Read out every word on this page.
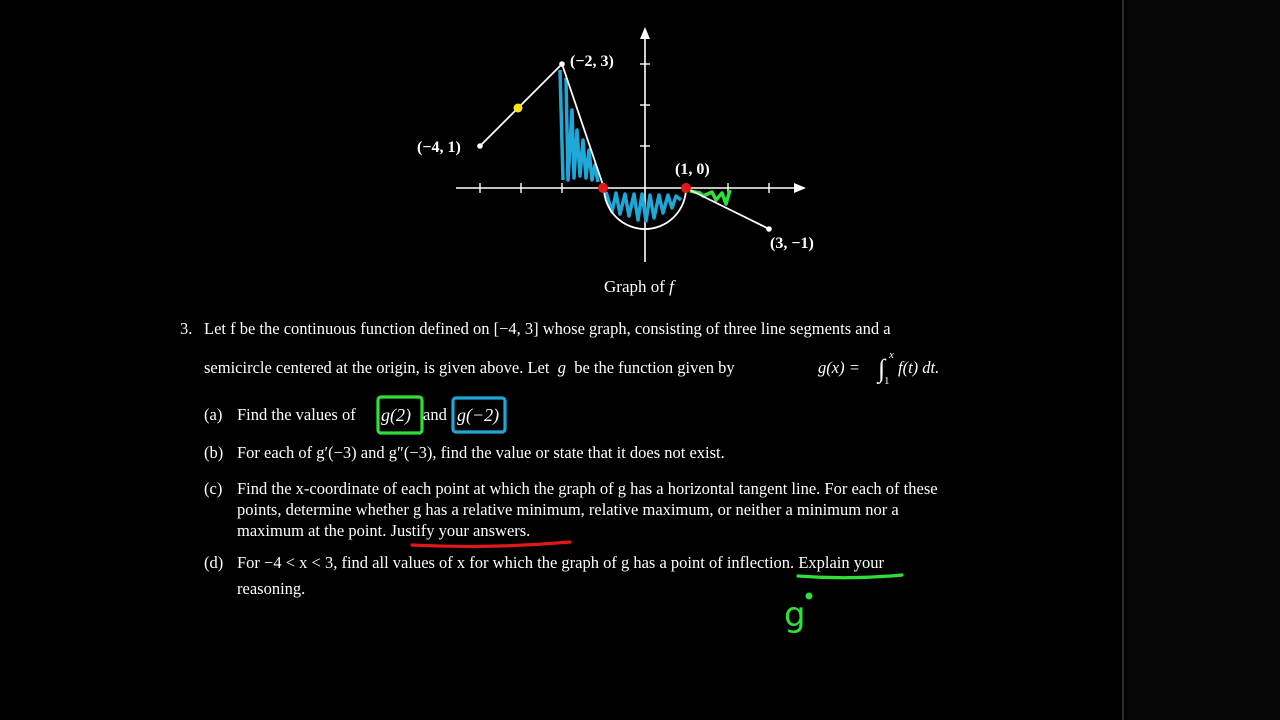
(−2, 3)
(−4, 1)
(1, 0)
(3, −1)
Graph of f
3. Let f be the continuous function defined on [−4, 3] whose graph, consisting of three line segments and a
semicircle centered at the origin, is given above. Let g be the function given by	g(x) = ∫ x
1
f(t) dt.
(a) Find the values of g(2) and g(−2)
(b) For each of g′(−3) and g″(−3), find the value or state that it does not exist.
(c) Find the x-coordinate of each point at which the graph of g has a horizontal tangent line. For each of these
points, determine whether g has a relative minimum, relative maximum, or neither a minimum nor a
maximum at the point. Justify your answers.
(d) For −4 < x < 3, find all values of x for which the graph of g has a point of inflection. Explain your
reasoning.
g
